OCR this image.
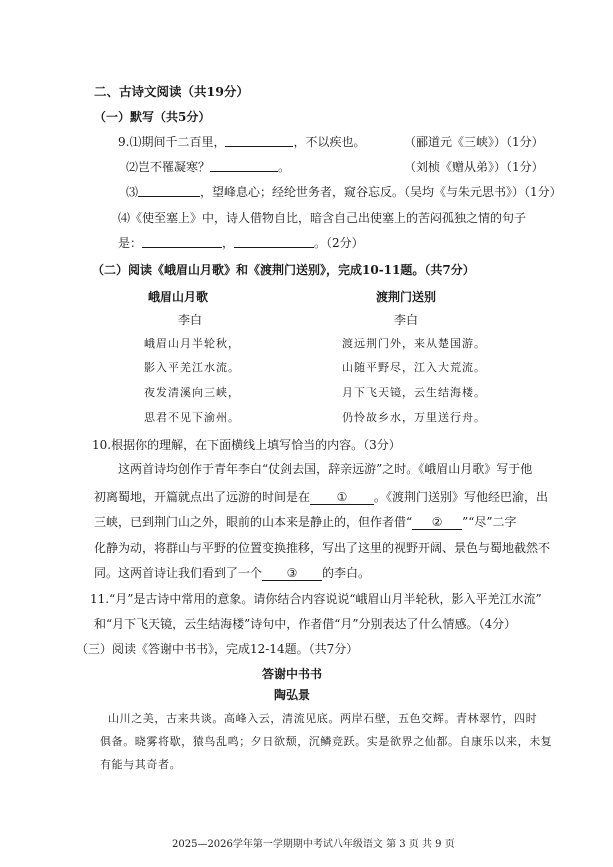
二、古诗文阅读（共19分）
（一）默写（共5分）
9.⑴期间千二百里，	，不以疾也。	（郦道元《三峡》）（1分）
⑵岂不罹凝寒？	。	（刘桢《赠从弟》）（1分）
⑶	，望峰息心；经纶世务者，窥谷忘反。（吴均《与朱元思书》）（1分）
⑷《使至塞上》中，诗人借物自比，暗含自己出使塞上的苦闷孤独之情的句子
是：	，	。（2分）
（二）阅读《峨眉山月歌》和《渡荆门送别》，完成10-11题。（共7分）
峨眉山月歌
李白
峨眉山月半轮秋，
影入平羌江水流。
夜发清溪向三峡，
思君不见下渝州。
渡荆门送别
李白
渡远荆门外，来从楚国游。
山随平野尽，江入大荒流。
月下飞天镜，云生结海楼。
仍怜故乡水，万里送行舟。
10.根据你的理解，在下面横线上填写恰当的内容。（3分）
这两首诗均创作于青年李白“仗剑去国，辞亲远游”之时。《峨眉山月歌》写于他
初离蜀地，开篇就点出了远游的时间是在 ① 。《渡荆门送别》写他经巴渝，出
三峡，已到荆门山之外，眼前的山本来是静止的，但作者借“ ② ”“尽”二字
化静为动，将群山与平野的位置变换推移，写出了这里的视野开阔、景色与蜀地截然不
同。这两首诗让我们看到了一个 ③ 的李白。
11.“月”是古诗中常用的意象。请你结合内容说说“峨眉山月半轮秋，影入平羌江水流”
和“月下飞天镜，云生结海楼”诗句中，作者借“月”分别表达了什么情感。（4分）
（三）阅读《答谢中书书》，完成12-14题。（共7分）
答谢中书书
陶弘景
山川之美，古来共谈。高峰入云，清流见底。两岸石壁，五色交辉。青林翠竹，四时
俱备。晓雾将歇，猿鸟乱鸣；夕日欲颓，沉鳞竞跃。实是欲界之仙都。自康乐以来，未复
有能与其奇者。
2025—2026学年第一学期期中考试八年级语文 第 3 页 共 9 页
